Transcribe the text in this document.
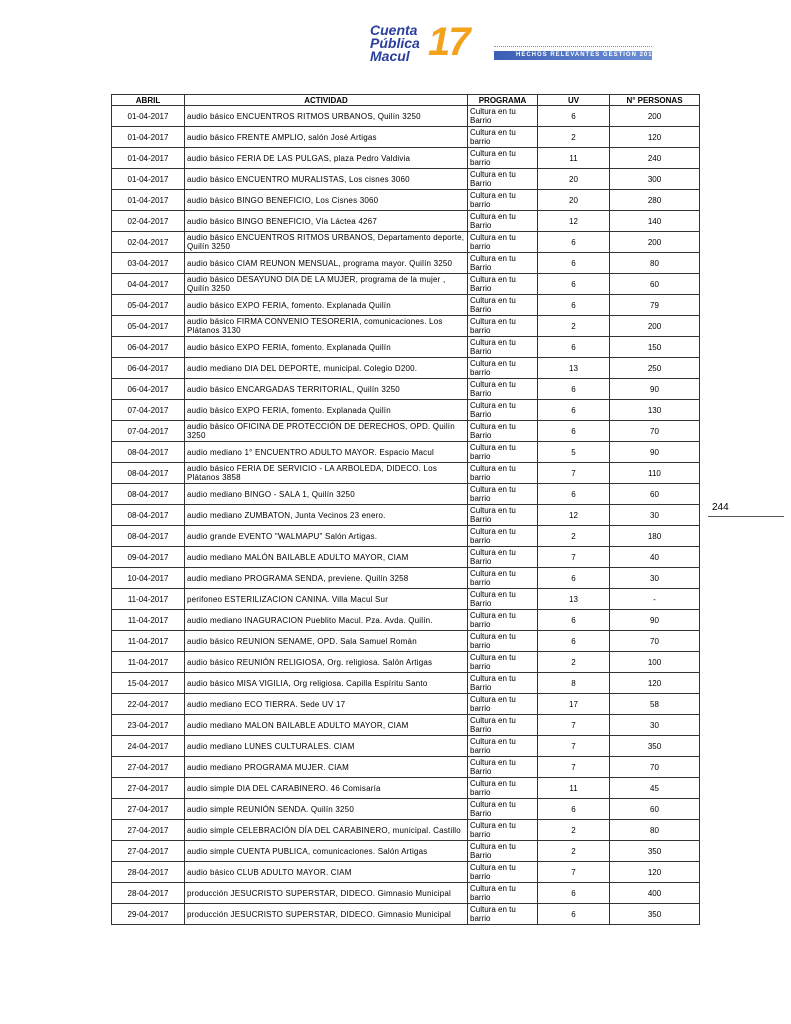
Cuenta
Pública
Macul 17	HECHOS RELEVANTES GESTIÓN 2017
ABRIL	ACTIVIDAD	PROGRAMA	UV	N° PERSONAS
01-04-2017	audio básico ENCUENTROS RITMOS URBANOS, Quilín 3250	Cultura en tu Barrio	6	200
01-04-2017	audio básico FRENTE AMPLIO, salón José Artigas	Cultura en tu barrio	2	120
01-04-2017	audio básico FERIA DE LAS PULGAS, plaza Pedro Valdivia	Cultura en tu barrio	11	240
01-04-2017	audio básico ENCUENTRO MURALISTAS, Los cisnes 3060	Cultura en tu Barrio	20	300
01-04-2017	audio básico BINGO BENEFICIO, Los Cisnes 3060	Cultura en tu barrio	20	280
02-04-2017	audio básico BINGO BENEFICIO, Vía Láctea 4267	Cultura en tu Barrio	12	140
02-04-2017	audio básico ENCUENTROS RITMOS URBANOS, Departamento deporte, Quilín 3250	Cultura en tu barrio	6	200
03-04-2017	audio básico CIAM REUNON MENSUAL, programa mayor. Quilín 3250	Cultura en tu Barrio	6	80
04-04-2017	audio básico DESAYUNO DIA DE LA MUJER, programa de la mujer , Quilín 3250	Cultura en tu Barrio	6	60
05-04-2017	audio básico EXPO FERIA, fomento. Explanada Quilín	Cultura en tu Barrio	6	79
05-04-2017	audio básico FIRMA CONVENIO TESORERIA, comunicaciones. Los Plátanos 3130	Cultura en tu barrio	2	200
06-04-2017	audio básico EXPO FERIA, fomento. Explanada Quilín	Cultura en tu Barrio	6	150
06-04-2017	audio mediano DIA DEL DEPORTE, municipal. Colegio D200.	Cultura en tu barrio	13	250
06-04-2017	audio básico ENCARGADAS TERRITORIAL, Quilín 3250	Cultura en tu Barrio	6	90
07-04-2017	audio básico EXPO FERIA, fomento. Explanada Quilín	Cultura en tu Barrio	6	130
07-04-2017	audio básico OFICINA DE PROTECCIÓN DE DERECHOS, OPD. Quilín 3250	Cultura en tu Barrio	6	70
08-04-2017	audio mediano 1° ENCUENTRO ADULTO MAYOR. Espacio Macul	Cultura en tu barrio	5	90
08-04-2017	audio básico FERIA DE SERVICIO - LA ARBOLEDA, DIDECO. Los Plátanos 3858	Cultura en tu barrio	7	110
08-04-2017	audio mediano BINGO - SALA 1, Quilín 3250	Cultura en tu barrio	6	60
08-04-2017	audio mediano ZUMBATON, Junta Vecinos 23 enero.	Cultura en tu Barrio	12	30
08-04-2017	audio grande EVENTO "WALMAPU" Salón Artigas.	Cultura en tu barrio	2	180
09-04-2017	audio mediano MALÓN BAILABLE ADULTO MAYOR, CIAM	Cultura en tu Barrio	7	40
10-04-2017	audio mediano PROGRAMA SENDA, previene. Quilín 3258	Cultura en tu barrio	6	30
11-04-2017	perifoneo ESTERILIZACION CANINA. Villa Macul Sur	Cultura en tu Barrio	13	-
11-04-2017	audio mediano INAGURACION Pueblito Macul. Pza. Avda. Quilín.	Cultura en tu barrio	6	90
11-04-2017	audio básico REUNION SENAME, OPD. Sala Samuel Román	Cultura en tu barrio	6	70
11-04-2017	audio básico REUNIÓN RELIGIOSA, Org. religiosa. Salón Artigas	Cultura en tu barrio	2	100
15-04-2017	audio básico MISA VIGILIA, Org religiosa. Capilla Espíritu Santo	Cultura en tu Barrio	8	120
22-04-2017	audio mediano ECO TIERRA. Sede UV 17	Cultura en tu barrio	17	58
23-04-2017	audio mediano MALON BAILABLE ADULTO MAYOR, CIAM	Cultura en tu Barrio	7	30
24-04-2017	audio mediano LUNES CULTURALES. CIAM	Cultura en tu barrio	7	350
27-04-2017	audio mediano PROGRAMA MUJER. CIAM	Cultura en tu Barrio	7	70
27-04-2017	audio simple DIA DEL CARABINERO. 46 Comisaría	Cultura en tu barrio	11	45
27-04-2017	audio simple REUNIÓN SENDA. Quilín 3250	Cultura en tu Barrio	6	60
27-04-2017	audio simple CELEBRACIÓN DÍA DEL CARABINERO, municipal. Castillo	Cultura en tu barrio	2	80
27-04-2017	audio simple CUENTA PUBLICA, comunicaciones. Salón Artigas	Cultura en tu Barrio	2	350
28-04-2017	audio básico CLUB ADULTO MAYOR. CIAM	Cultura en tu barrio	7	120
28-04-2017	producción JESUCRISTO SUPERSTAR, DIDECO. Gimnasio Municipal	Cultura en tu barrio	6	400
29-04-2017	producción JESUCRISTO SUPERSTAR, DIDECO. Gimnasio Municipal	Cultura en tu barrio	6	350
244
